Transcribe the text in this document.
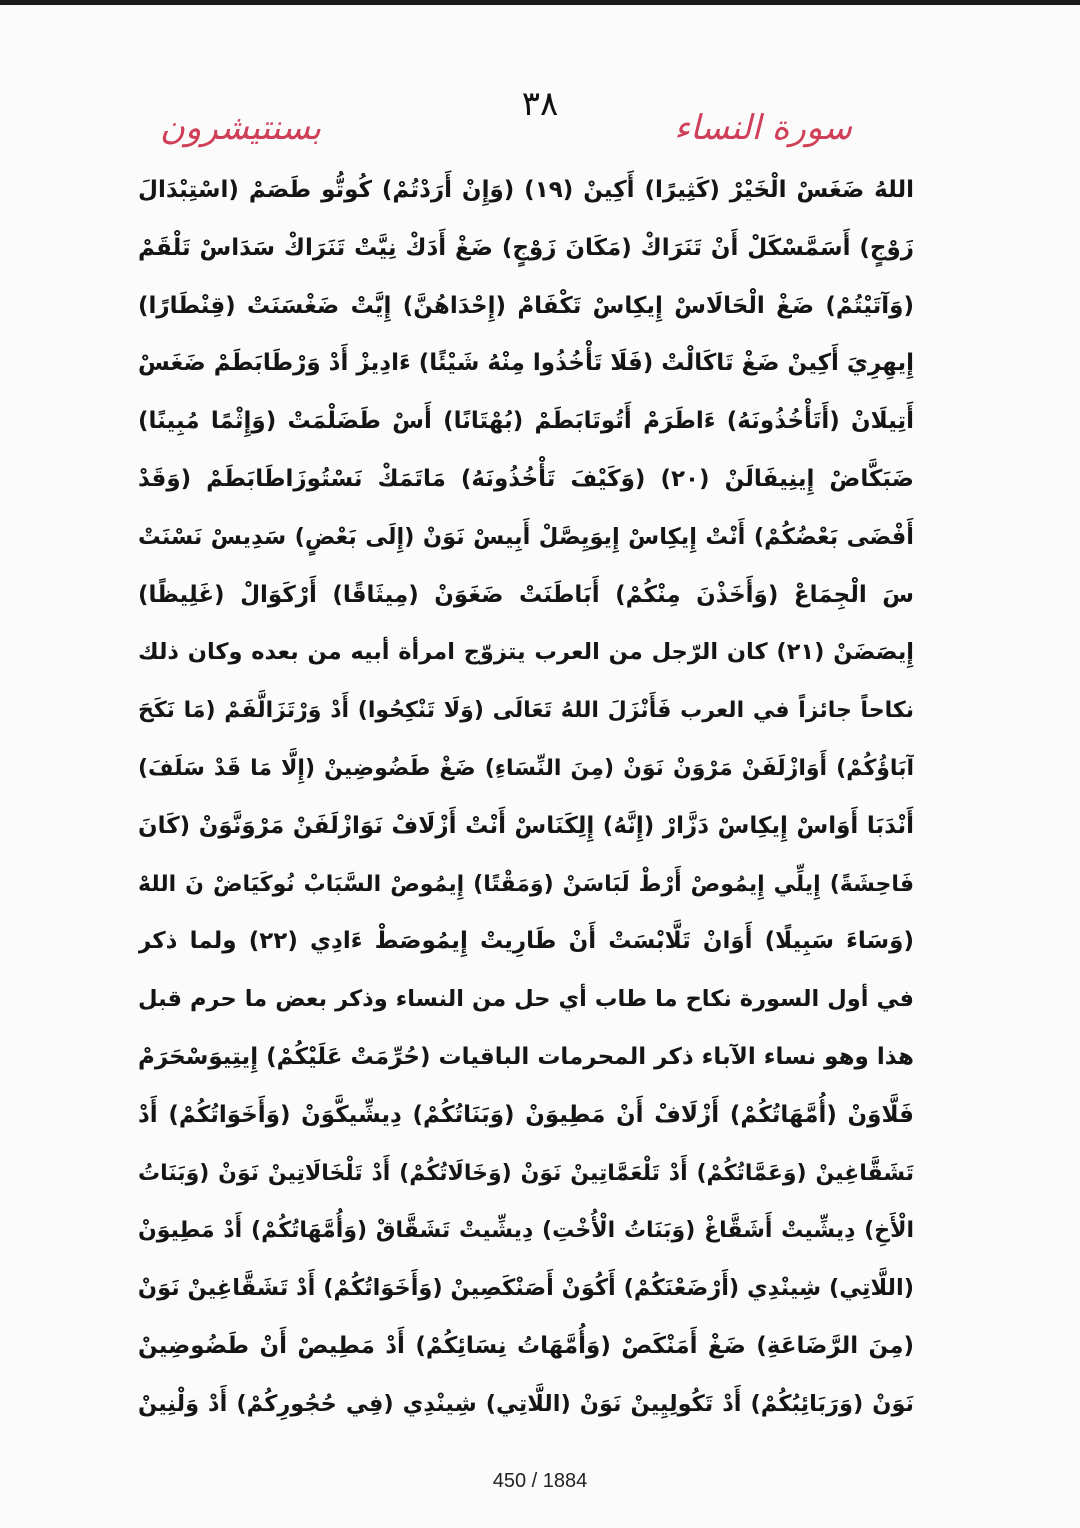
٣٨
سورة النساء
بسنتيشرون
اللهُ ضَغَسْ الْخَيْرْ (كَثِيرًا) أَكِينْ (١٩) (وَإِنْ أَرَدْتُمْ) كُوتُّو طَصَمْ (اسْتِبْدَالَ
زَوْجٍ) أَسَمَّسْكَلْ أَنْ تَنَرَاكْ (مَكَانَ زَوْجٍ) ضَغْ أَدَكْ نِيَّتْ تَنَرَاكْ سَدَاسْ تَلْقَمْ
(وَآتَيْتُمْ) ضَغْ الْحَالَاسْ إِيكِاسْ تَكْفَامْ (إِحْدَاهُنَّ) إِيَّتْ ضَغْسَنَتْ (قِنْطَارًا)
إِيهِرِيَ أَكِينْ ضَغْ تَاكَالْتْ (فَلَا تَأْخُذُوا مِنْهُ شَيْئًا) ءَادِيزْ أَدْ وَرْطَابَطَمْ ضَغَسْ
أَتِيلَانْ (أَتَأْخُذُونَهُ) ءَاطَرَمْ أَتُوتَابَطَمْ (بُهْتَانًا) أَسْ طَضَلْمَتْ (وَإِثْمًا مُبِينًا)
ضَبَكَّاضْ إِينِيفَالَنْ (٢٠) (وَكَيْفَ تَأْخُذُونَهُ) مَاتَمَكْ نَسْتُوزَاطَابَطَمْ (وَقَدْ
أَفْضَى بَعْضُكُمْ) أَنْتْ إِيكِاسْ إِيوَيِصَّلْ أَبِيسْ نَوَنْ (إِلَى بَعْضٍ) سَدِيسْ نَسْنَتْ
سَ الْجِمَاعْ (وَأَخَذْنَ مِنْكُمْ) أَبَاطَنَتْ ضَغَوَنْ (مِيثَاقًا) أَرْكَوَالْ (غَلِيظًا)
إِيصَضَنْ (٢١) كان الرّجل من العرب يتزوّج امرأة أبيه من بعده وكان ذلك
نكاحاً جائزاً في العرب فَأَنْزَلَ اللهُ تَعَالَى (وَلَا تَنْكِحُوا) أَدْ وَرْتَزَالَّفَمْ (مَا نَكَحَ
آبَاؤُكُمْ) أَوَازْلَفَنْ مَرْوَنْ نَوَنْ (مِنَ النِّسَاءِ) ضَغْ طَضُوضِينْ (إِلَّا مَا قَدْ سَلَفَ)
أَنْدَبَا أَوَاسْ إِيكِاسْ دَزَّارْ (إِنَّهُ) إِلِكَنَاسْ أَنْتْ أَزْلَافْ نَوَازْلَفَنْ مَرْوَنَّوَنْ (كَانَ
فَاحِشَةً) إِيلِّي إِيمُوصْ أَرْطْ لَبَاسَنْ (وَمَقْتًا) إِيمُوصْ السَّبَابْ نُوكَيَاضْ نَ اللهْ
(وَسَاءَ سَبِيلًا) أَوَانْ تَلَّابْسَتْ أَنْ طَارِيتْ إِيمُوصَطْ ءَادِي (٢٢) ولما ذكر
في أول السورة نكاح ما طاب أي حل من النساء وذكر بعض ما حرم قبل
هذا وهو نساء الآباء ذكر المحرمات الباقيات (حُرِّمَتْ عَلَيْكُمْ) إِيتِيوَسْحَرَمْ
فَلَّاوَنْ (أُمَّهَاتُكُمْ) أَزْلَافْ أَنْ مَطِيوَنْ (وَبَنَاتُكُمْ) دِيشِّيكَّوَنْ (وَأَخَوَاتُكُمْ) أَدْ
تَشَقَّاغِينْ (وَعَمَّاتُكُمْ) أَدْ تَلْعَمَّاتِينْ نَوَنْ (وَخَالَاتُكُمْ) أَدْ تَلْخَالَاتِينْ نَوَنْ (وَبَنَاتُ
الْأَخِ) دِيشِّيتْ أَشَقَّاغْ (وَبَنَاتُ الْأُخْتِ) دِيشِّيتْ تَشَقَّاقْ (وَأُمَّهَاتُكُمْ) أَدْ مَطِيوَنْ
(اللَّاتِي) شِينْدِي (أَرْضَعْنَكُمْ) أَكُوَنْ أَصَنْكَصِينْ (وَأَخَوَاتُكُمْ) أَدْ تَشَقَّاغِينْ نَوَنْ
(مِنَ الرَّضَاعَةِ) ضَغْ أَمَنْكَصْ (وَأُمَّهَاتُ نِسَائِكُمْ) أَدْ مَطِيصْ أَنْ طَضُوضِينْ
نَوَنْ (وَرَبَائِبُكُمْ) أَدْ تَكُولِيِينْ نَوَنْ (اللَّاتِي) شِينْدِي (فِي حُجُورِكُمْ) أَدْ وَلْنِينْ
450 / 1884
